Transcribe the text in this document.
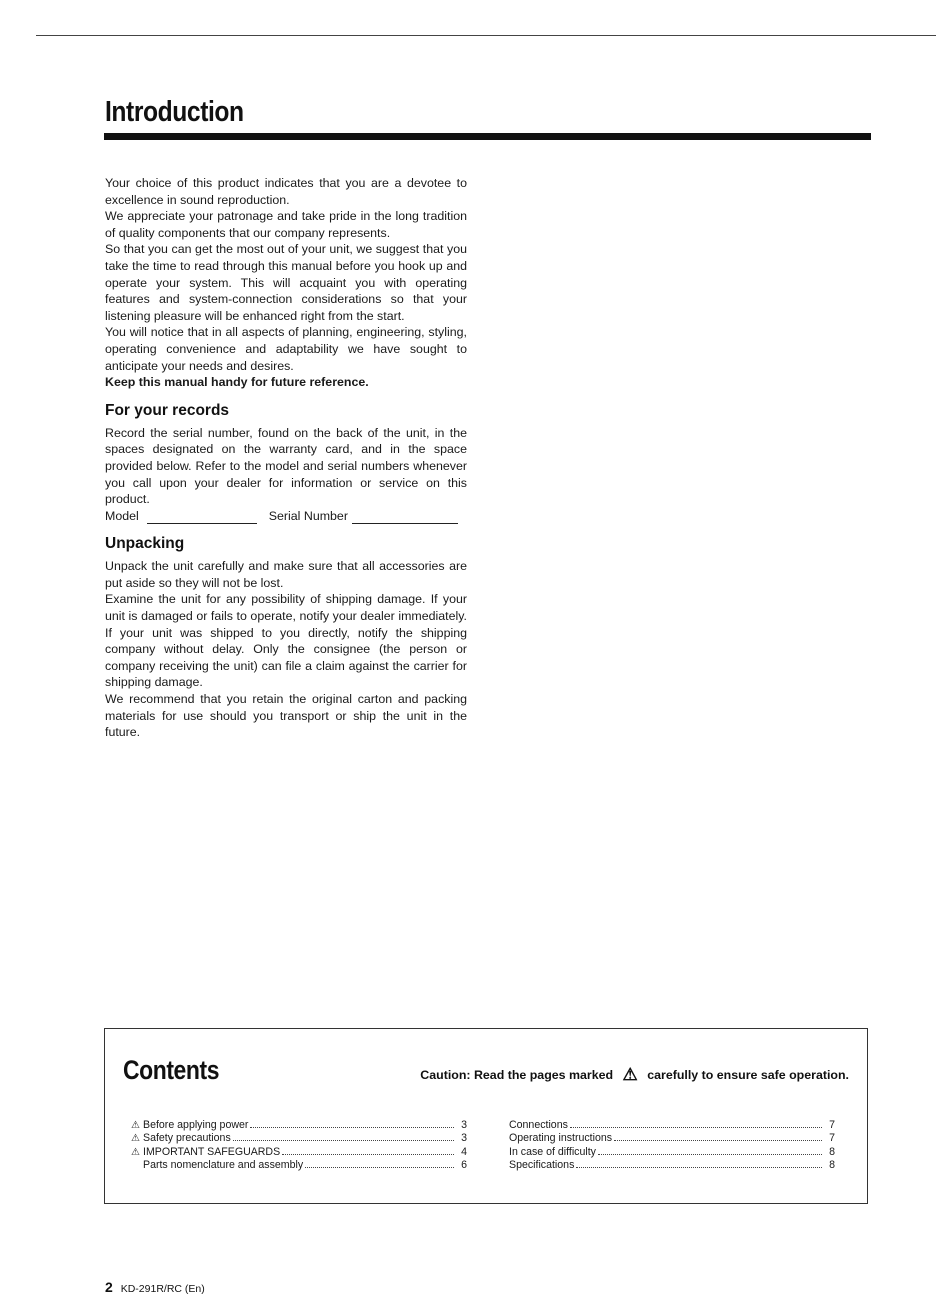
Introduction

Your choice of this product indicates that you are a devotee to excellence in sound reproduction.

We appreciate your patronage and take pride in the long tradition of quality components that our company represents.

So that you can get the most out of your unit, we suggest that you take the time to read through this manual before you hook up and operate your system. This will acquaint you with operating features and system-connection considerations so that your listening pleasure will be enhanced right from the start.

You will notice that in all aspects of planning, engineering, styling, operating convenience and adaptability we have sought to anticipate your needs and desires.

Keep this manual handy for future reference.

For your records

Record the serial number, found on the back of the unit, in the spaces designated on the warranty card, and in the space provided below. Refer to the model and serial numbers whenever you call upon your dealer for information or service on this product.

Model	Serial Number
Unpacking

Unpack the unit carefully and make sure that all accessories are put aside so they will not be lost.

Examine the unit for any possibility of shipping damage. If your unit is damaged or fails to operate, notify your dealer immediately. If your unit was shipped to you directly, notify the shipping company without delay. Only the consignee (the person or company receiving the unit) can file a claim against the carrier for shipping damage.

We recommend that you retain the original carton and packing materials for use should you transport or ship the unit in the future.

Contents	Caution: Read the pages marked ⚠ carefully to ensure safe operation.
⚠ Before applying power	3
⚠ Safety precautions	3
⚠ IMPORTANT SAFEGUARDS	4
Parts nomenclature and assembly	6
Connections	7
Operating instructions	7
In case of difficulty	8
Specifications	8
2 KD-291R/RC (En)
